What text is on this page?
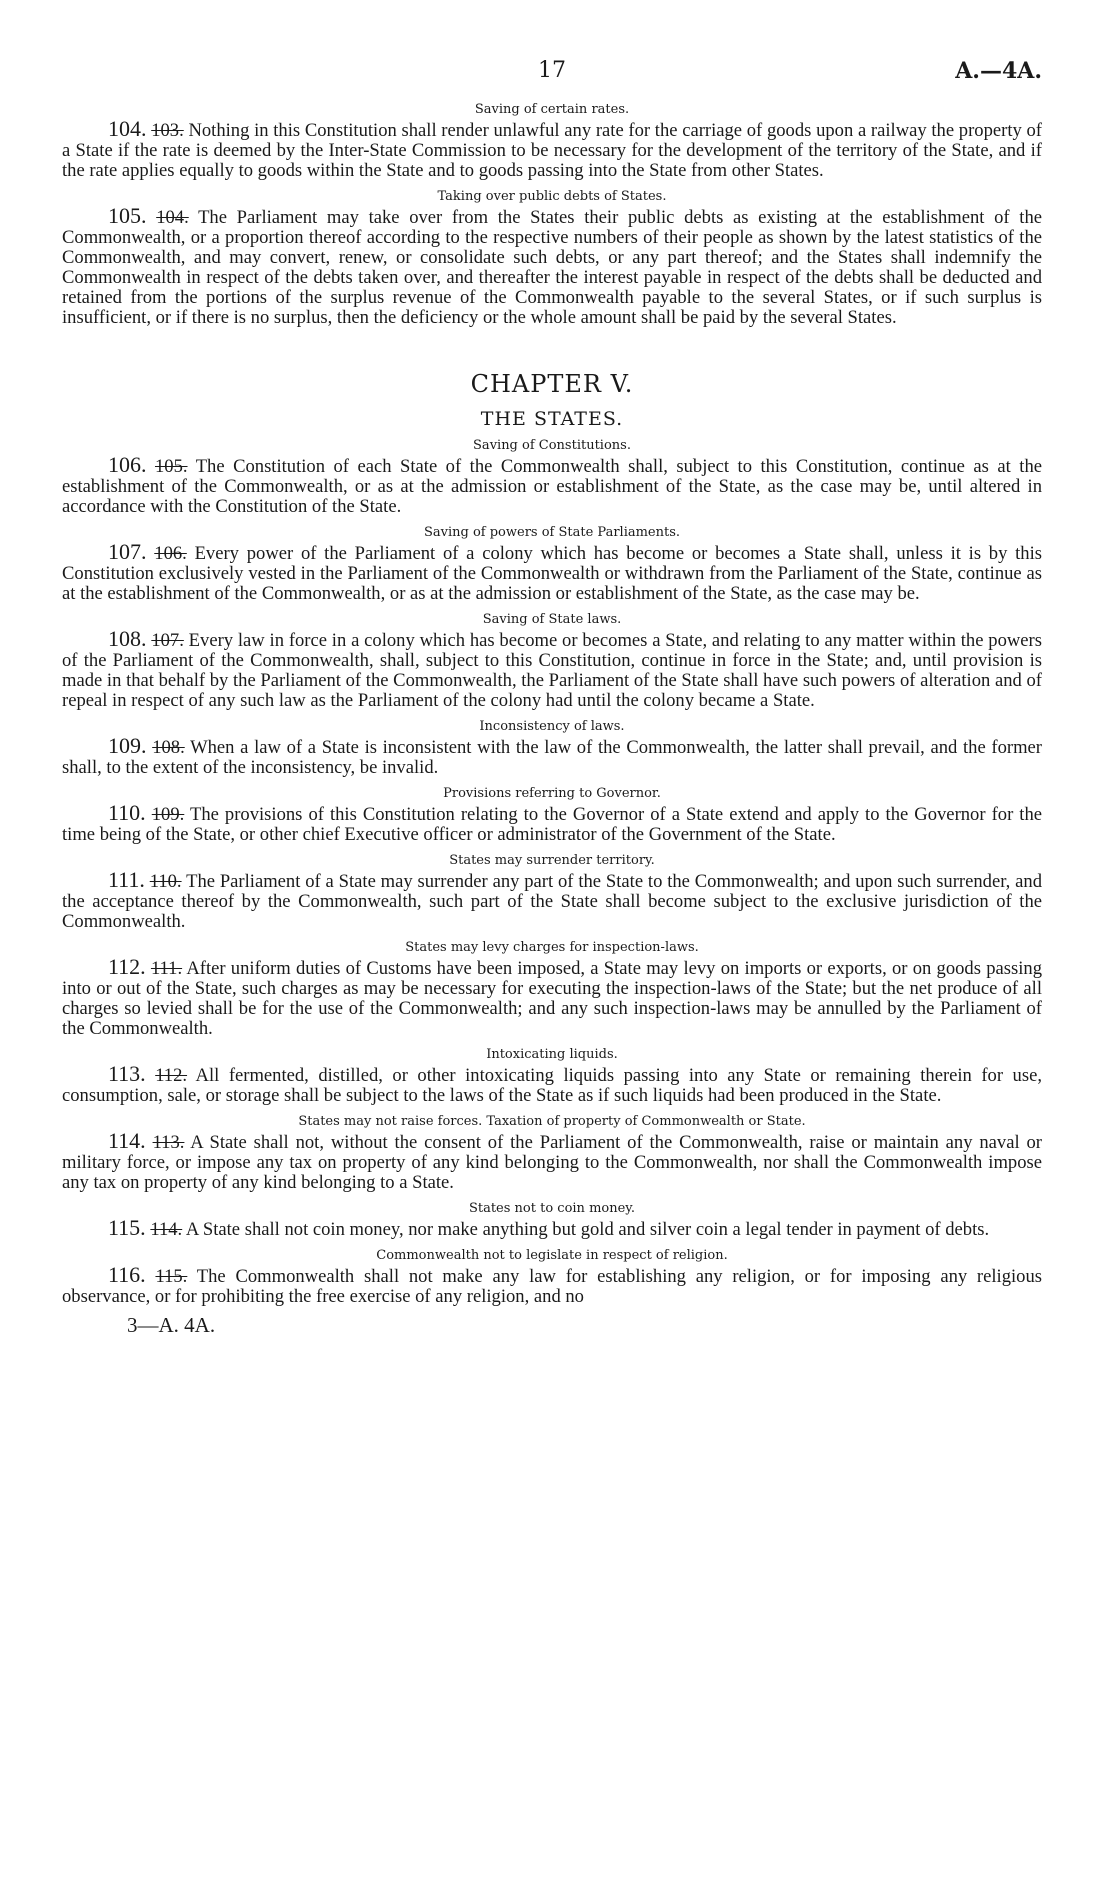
17	A.—4A.
Saving of certain rates.

104. 103. Nothing in this Constitution shall render unlawful any rate for the carriage of goods upon a railway the property of a State if the rate is deemed by the Inter-State Commission to be necessary for the development of the territory of the State, and if the rate applies equally to goods within the State and to goods passing into the State from other States.

Taking over public debts of States.

105. 104. The Parliament may take over from the States their public debts as existing at the establishment of the Commonwealth, or a proportion thereof according to the respective numbers of their people as shown by the latest statistics of the Commonwealth, and may convert, renew, or consolidate such debts, or any part thereof; and the States shall indemnify the Commonwealth in respect of the debts taken over, and thereafter the interest payable in respect of the debts shall be deducted and retained from the portions of the surplus revenue of the Commonwealth payable to the several States, or if such surplus is insufficient, or if there is no surplus, then the deficiency or the whole amount shall be paid by the several States.

CHAPTER V.
THE STATES.
Saving of Constitutions.

106. 105. The Constitution of each State of the Commonwealth shall, subject to this Constitution, continue as at the establishment of the Commonwealth, or as at the admission or establishment of the State, as the case may be, until altered in accordance with the Constitution of the State.

Saving of powers of State Parliaments.

107. 106. Every power of the Parliament of a colony which has become or becomes a State shall, unless it is by this Constitution exclusively vested in the Parliament of the Commonwealth or withdrawn from the Parliament of the State, continue as at the establishment of the Commonwealth, or as at the admission or establishment of the State, as the case may be.

Saving of State laws.

108. 107. Every law in force in a colony which has become or becomes a State, and relating to any matter within the powers of the Parliament of the Commonwealth, shall, subject to this Constitution, continue in force in the State; and, until provision is made in that behalf by the Parliament of the Commonwealth, the Parliament of the State shall have such powers of alteration and of repeal in respect of any such law as the Parliament of the colony had until the colony became a State.

Inconsistency of laws.

109. 108. When a law of a State is inconsistent with the law of the Commonwealth, the latter shall prevail, and the former shall, to the extent of the inconsistency, be invalid.

Provisions referring to Governor.

110. 109. The provisions of this Constitution relating to the Governor of a State extend and apply to the Governor for the time being of the State, or other chief Executive officer or administrator of the Government of the State.

States may surrender territory.

111. 110. The Parliament of a State may surrender any part of the State to the Commonwealth; and upon such surrender, and the acceptance thereof by the Commonwealth, such part of the State shall become subject to the exclusive jurisdiction of the Commonwealth.

States may levy charges for inspection-laws.

112. 111. After uniform duties of Customs have been imposed, a State may levy on imports or exports, or on goods passing into or out of the State, such charges as may be necessary for executing the inspection-laws of the State; but the net produce of all charges so levied shall be for the use of the Commonwealth; and any such inspection-laws may be annulled by the Parliament of the Commonwealth.

Intoxicating liquids.

113. 112. All fermented, distilled, or other intoxicating liquids passing into any State or remaining therein for use, consumption, sale, or storage shall be subject to the laws of the State as if such liquids had been produced in the State.

States may not raise forces. Taxation of property of Commonwealth or State.

114. 113. A State shall not, without the consent of the Parliament of the Commonwealth, raise or maintain any naval or military force, or impose any tax on property of any kind belonging to the Commonwealth, nor shall the Commonwealth impose any tax on property of any kind belonging to a State.

States not to coin money.

115. 114. A State shall not coin money, nor make anything but gold and silver coin a legal tender in payment of debts.

Commonwealth not to legislate in respect of religion.

116. 115. The Commonwealth shall not make any law for establishing any religion, or for imposing any religious observance, or for prohibiting the free exercise of any religion, and no

3—A. 4A.
